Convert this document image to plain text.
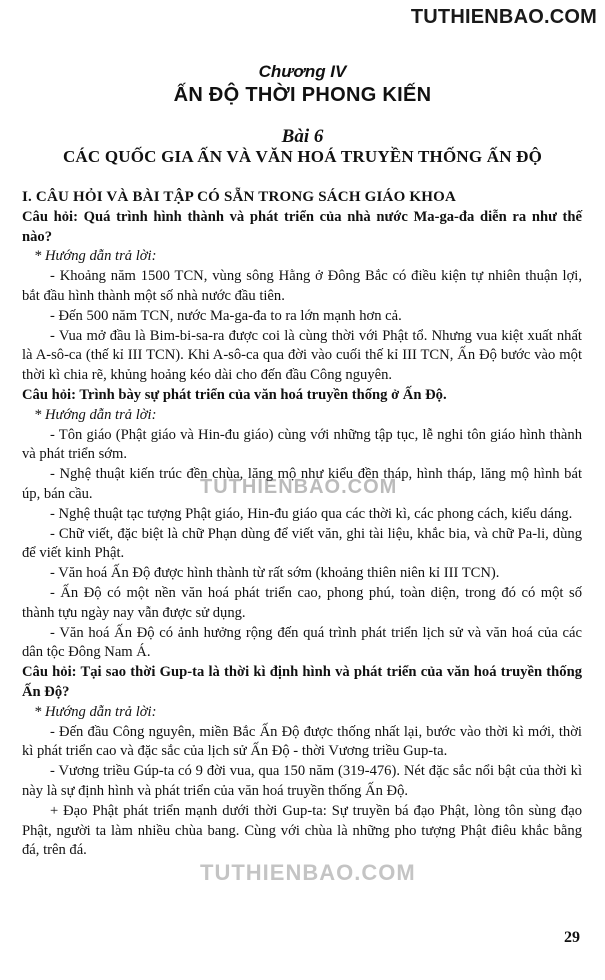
TUTHIENBAO.COM
Chương IV
ẤN ĐỘ THỜI PHONG KIẾN
Bài 6
CÁC QUỐC GIA ẤN VÀ VĂN HOÁ TRUYỀN THỐNG ẤN ĐỘ

I. CÂU HỎI VÀ BÀI TẬP CÓ SẴN TRONG SÁCH GIÁO KHOA

Câu hỏi: Quá trình hình thành và phát triển của nhà nước Ma-ga-đa diễn ra như thế nào?

* Hướng dẫn trả lời:

- Khoảng năm 1500 TCN, vùng sông Hằng ở Đông Bắc có điều kiện tự nhiên thuận lợi, bắt đầu hình thành một số nhà nước đầu tiên.

- Đến 500 năm TCN, nước Ma-ga-đa to ra lớn mạnh hơn cả.

- Vua mở đầu là Bim-bi-sa-ra được coi là cùng thời với Phật tổ. Nhưng vua kiệt xuất nhất là A-sô-ca (thế kỉ III TCN). Khi A-sô-ca qua đời vào cuối thế kỉ III TCN, Ấn Độ bước vào một thời kì chia rẽ, khủng hoảng kéo dài cho đến đầu Công nguyên.

Câu hỏi: Trình bày sự phát triển của văn hoá truyền thống ở Ấn Độ.

* Hướng dẫn trả lời:

- Tôn giáo (Phật giáo và Hin-đu giáo) cùng với những tập tục, lễ nghi tôn giáo hình thành và phát triển sớm.

- Nghệ thuật kiến trúc đền chùa, lăng mộ như kiểu đền tháp, hình tháp, lăng mộ hình bát úp, bán cầu.

- Nghệ thuật tạc tượng Phật giáo, Hin-đu giáo qua các thời kì, các phong cách, kiểu dáng.

- Chữ viết, đặc biệt là chữ Phạn dùng để viết văn, ghi tài liệu, khắc bia, và chữ Pa-li, dùng để viết kinh Phật.

- Văn hoá Ấn Độ được hình thành từ rất sớm (khoảng thiên niên kỉ III TCN).

- Ấn Độ có một nền văn hoá phát triển cao, phong phú, toàn diện, trong đó có một số thành tựu ngày nay vẫn được sử dụng.

- Văn hoá Ấn Độ có ảnh hưởng rộng đến quá trình phát triển lịch sử và văn hoá của các dân tộc Đông Nam Á.

Câu hỏi: Tại sao thời Gup-ta là thời kì định hình và phát triển của văn hoá truyền thống Ấn Độ?

* Hướng dẫn trả lời:

- Đến đầu Công nguyên, miền Bắc Ấn Độ được thống nhất lại, bước vào thời kì mới, thời kì phát triển cao và đặc sắc của lịch sử Ấn Độ - thời Vương triều Gup-ta.

- Vương triều Gúp-ta có 9 đời vua, qua 150 năm (319-476). Nét đặc sắc nổi bật của thời kì này là sự định hình và phát triển của văn hoá truyền thống Ấn Độ.

+ Đạo Phật phát triển mạnh dưới thời Gup-ta: Sự truyền bá đạo Phật, lòng tôn sùng đạo Phật, người ta làm nhiều chùa bang. Cùng với chùa là những pho tượng Phật điêu khắc bằng đá, trên đá.

TUTHIENBAO.COM
TUTHIENBAO.COM
29
